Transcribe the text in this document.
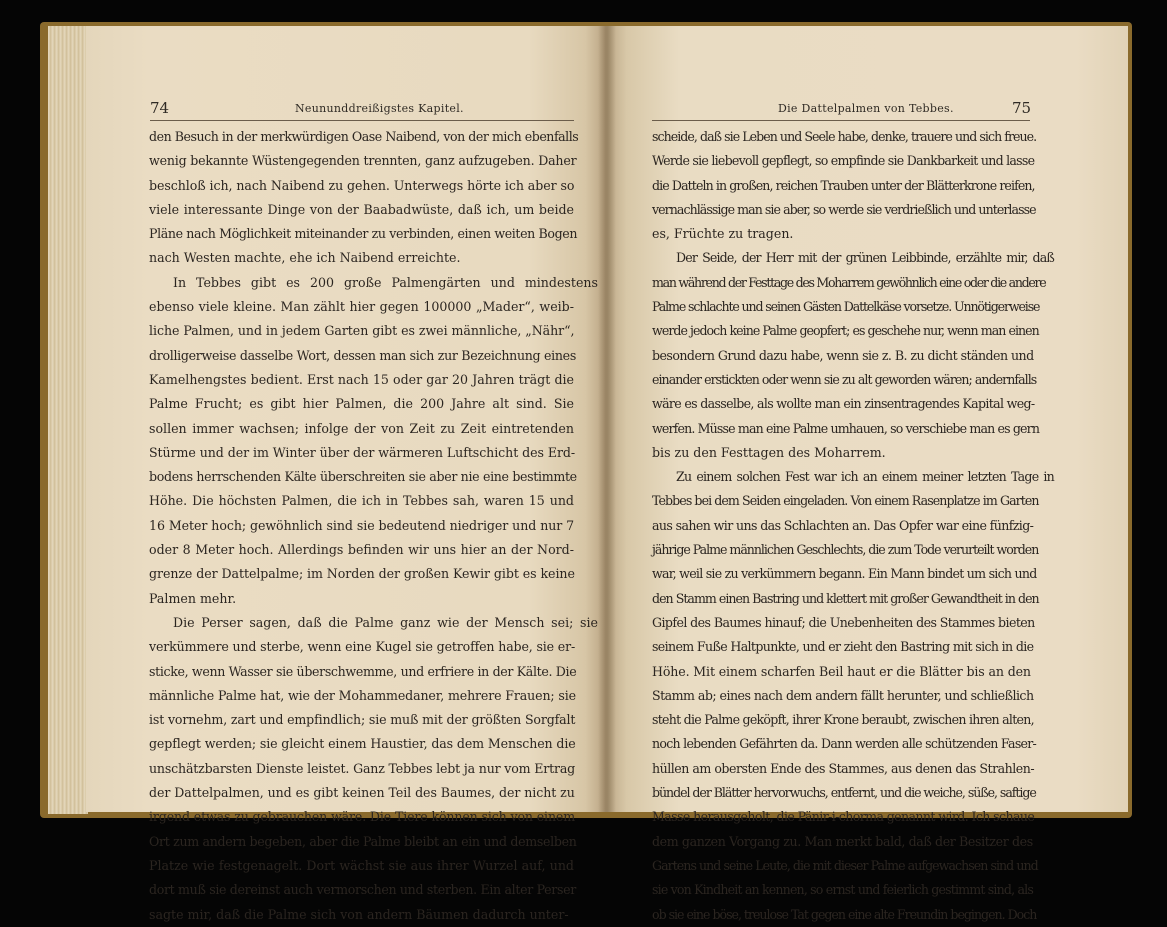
74	Neununddreißigstes Kapitel.	Die Dattelpalmen von Tebbes.	75
den Besuch in der merkwürdigen Oase Naibend, von der mich ebenfalls
wenig bekannte Wüstengegenden trennten, ganz aufzugeben. Daher
beschloß ich, nach Naibend zu gehen. Unterwegs hörte ich aber so
viele interessante Dinge von der Baabadwüste, daß ich, um beide
Pläne nach Möglichkeit miteinander zu verbinden, einen weiten Bogen
nach Westen machte, ehe ich Naibend erreichte.
In Tebbes gibt es 200 große Palmengärten und mindestens
ebenso viele kleine. Man zählt hier gegen 100000 „Mader“, weib-
liche Palmen, und in jedem Garten gibt es zwei männliche, „Nähr“,
drolligerweise dasselbe Wort, dessen man sich zur Bezeichnung eines
Kamelhengstes bedient. Erst nach 15 oder gar 20 Jahren trägt die
Palme Frucht; es gibt hier Palmen, die 200 Jahre alt sind. Sie
sollen immer wachsen; infolge der von Zeit zu Zeit eintretenden
Stürme und der im Winter über der wärmeren Luftschicht des Erd-
bodens herrschenden Kälte überschreiten sie aber nie eine bestimmte
Höhe. Die höchsten Palmen, die ich in Tebbes sah, waren 15 und
16 Meter hoch; gewöhnlich sind sie bedeutend niedriger und nur 7
oder 8 Meter hoch. Allerdings befinden wir uns hier an der Nord-
grenze der Dattelpalme; im Norden der großen Kewir gibt es keine
Palmen mehr.
Die Perser sagen, daß die Palme ganz wie der Mensch sei; sie
verkümmere und sterbe, wenn eine Kugel sie getroffen habe, sie er-
sticke, wenn Wasser sie überschwemme, und erfriere in der Kälte. Die
männliche Palme hat, wie der Mohammedaner, mehrere Frauen; sie
ist vornehm, zart und empfindlich; sie muß mit der größten Sorgfalt
gepflegt werden; sie gleicht einem Haustier, das dem Menschen die
unschätzbarsten Dienste leistet. Ganz Tebbes lebt ja nur vom Ertrag
der Dattelpalmen, und es gibt keinen Teil des Baumes, der nicht zu
irgend etwas zu gebrauchen wäre. Die Tiere können sich von einem
Ort zum andern begeben, aber die Palme bleibt an ein und demselben
Platze wie festgenagelt. Dort wächst sie aus ihrer Wurzel auf, und
dort muß sie dereinst auch vermorschen und sterben. Ein alter Perser
sagte mir, daß die Palme sich von andern Bäumen dadurch unter-
scheide, daß sie Leben und Seele habe, denke, trauere und sich freue.
Werde sie liebevoll gepflegt, so empfinde sie Dankbarkeit und lasse
die Datteln in großen, reichen Trauben unter der Blätterkrone reifen,
vernachlässige man sie aber, so werde sie verdrießlich und unterlasse
es, Früchte zu tragen.
Der Seide, der Herr mit der grünen Leibbinde, erzählte mir, daß
man während der Festtage des Moharrem gewöhnlich eine oder die andere
Palme schlachte und seinen Gästen Dattelkäse vorsetze. Unnötigerweise
werde jedoch keine Palme geopfert; es geschehe nur, wenn man einen
besondern Grund dazu habe, wenn sie z. B. zu dicht ständen und
einander erstickten oder wenn sie zu alt geworden wären; andernfalls
wäre es dasselbe, als wollte man ein zinsentragendes Kapital weg-
werfen. Müsse man eine Palme umhauen, so verschiebe man es gern
bis zu den Festtagen des Moharrem.
Zu einem solchen Fest war ich an einem meiner letzten Tage in
Tebbes bei dem Seiden eingeladen. Von einem Rasenplatze im Garten
aus sahen wir uns das Schlachten an. Das Opfer war eine fünfzig-
jährige Palme männlichen Geschlechts, die zum Tode verurteilt worden
war, weil sie zu verkümmern begann. Ein Mann bindet um sich und
den Stamm einen Bastring und klettert mit großer Gewandtheit in den
Gipfel des Baumes hinauf; die Unebenheiten des Stammes bieten
seinem Fuße Haltpunkte, und er zieht den Bastring mit sich in die
Höhe. Mit einem scharfen Beil haut er die Blätter bis an den
Stamm ab; eines nach dem andern fällt herunter, und schließlich
steht die Palme geköpft, ihrer Krone beraubt, zwischen ihren alten,
noch lebenden Gefährten da. Dann werden alle schützenden Faser-
hüllen am obersten Ende des Stammes, aus denen das Strahlen-
bündel der Blätter hervorwuchs, entfernt, und die weiche, süße, saftige
Masse herausgeholt, die Pänir-i-chorma genannt wird. Ich schaue
dem ganzen Vorgang zu. Man merkt bald, daß der Besitzer des
Gartens und seine Leute, die mit dieser Palme aufgewachsen sind und
sie von Kindheit an kennen, so ernst und feierlich gestimmt sind, als
ob sie eine böse, treulose Tat gegen eine alte Freundin begingen. Doch
